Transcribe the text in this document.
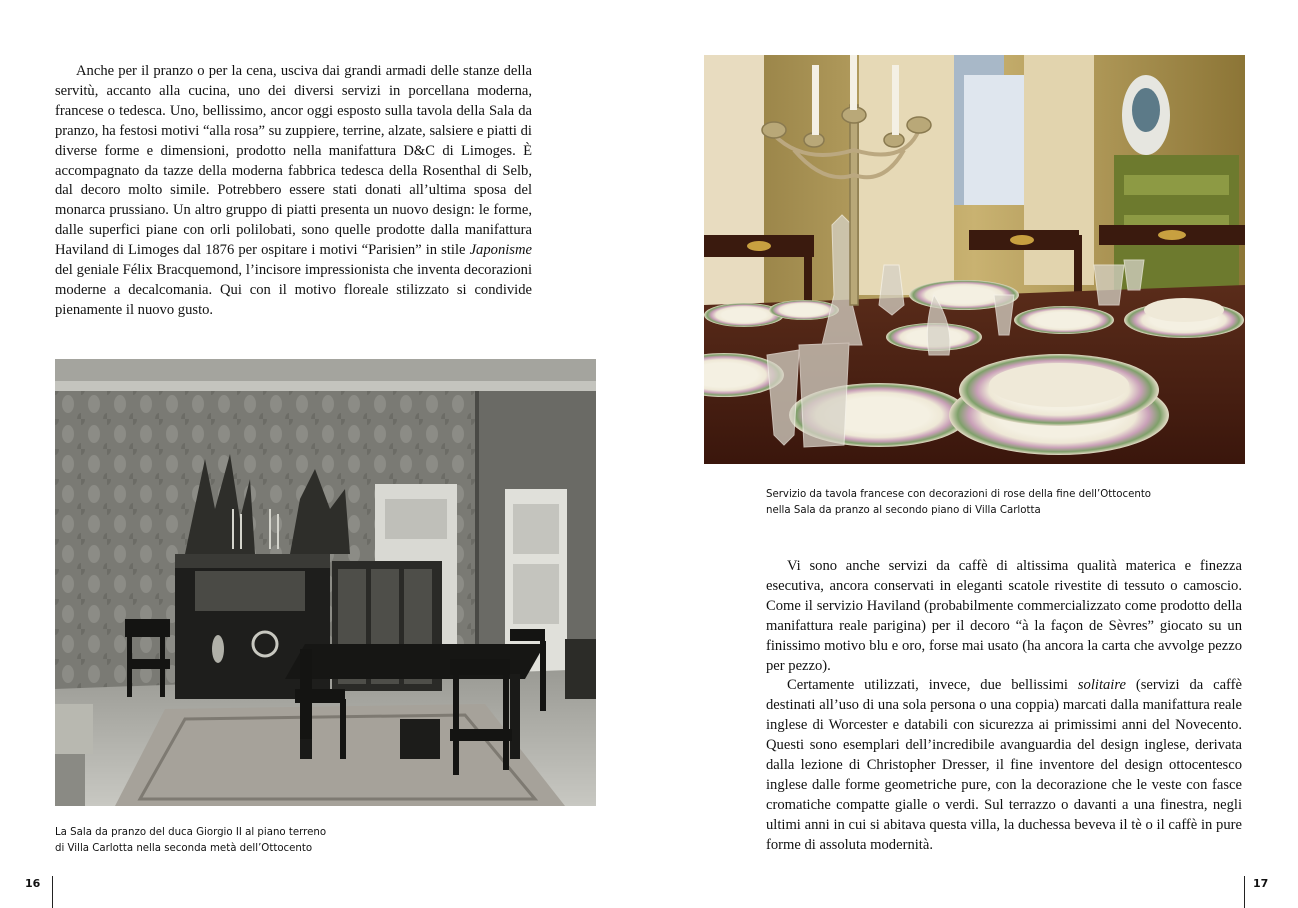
Anche per il pranzo o per la cena, usciva dai grandi armadi delle stanze della servitù, accanto alla cucina, uno dei diversi servizi in porcellana moderna, francese o tedesca. Uno, bellissimo, ancor oggi esposto sulla tavola della Sala da pranzo, ha festosi motivi “alla rosa” su zuppiere, terrine, alzate, salsiere e piatti di diverse forme e dimensioni, prodotto nella manifattura D&C di Limoges. È accompagnato da tazze della moderna fabbrica tedesca della Rosenthal di Selb, dal decoro molto simile. Potrebbero essere stati donati all’ultima sposa del monarca prussiano. Un altro gruppo di piatti presenta un nuovo design: le forme, dalle superfici piane con orli polilobati, sono quelle prodotte dalla manifattura Haviland di Limoges dal 1876 per ospitare i motivi “Parisien” in stile Japonisme del geniale Félix Bracquemond, l’incisore impressionista che inventa decorazioni moderne a decalcomania. Qui con il motivo floreale stilizzato si condivide pienamente il nuovo gusto.

La Sala da pranzo del duca Giorgio II al piano terreno
di Villa Carlotta nella seconda metà dell’Ottocento
16
Servizio da tavola francese con decorazioni di rose della fine dell’Ottocento
nella Sala da pranzo al secondo piano di Villa Carlotta

Vi sono anche servizi da caffè di altissima qualità materica e finezza esecutiva, ancora conservati in eleganti scatole rivestite di tessuto o camoscio. Come il servizio Haviland (probabilmente commercializzato come prodotto della manifattura reale parigina) per il decoro “à la façon de Sèvres” giocato su un finissimo motivo blu e oro, forse mai usato (ha ancora la carta che avvolge pezzo per pezzo).

Certamente utilizzati, invece, due bellissimi solitaire (servizi da caffè destinati all’uso di una sola persona o una coppia) marcati dalla manifattura reale inglese di Worcester e databili con sicurezza ai primissimi anni del Novecento. Questi sono esemplari dell’incredibile avanguardia del design inglese, derivata dalla lezione di Christopher Dresser, il fine inventore del design ottocentesco inglese dalle forme geometriche pure, con la decorazione che le veste con fasce cromatiche compatte gialle o verdi. Sul terrazzo o davanti a una finestra, negli ultimi anni in cui si abitava questa villa, la duchessa beveva il tè o il caffè in pure forme di assoluta modernità.

17
